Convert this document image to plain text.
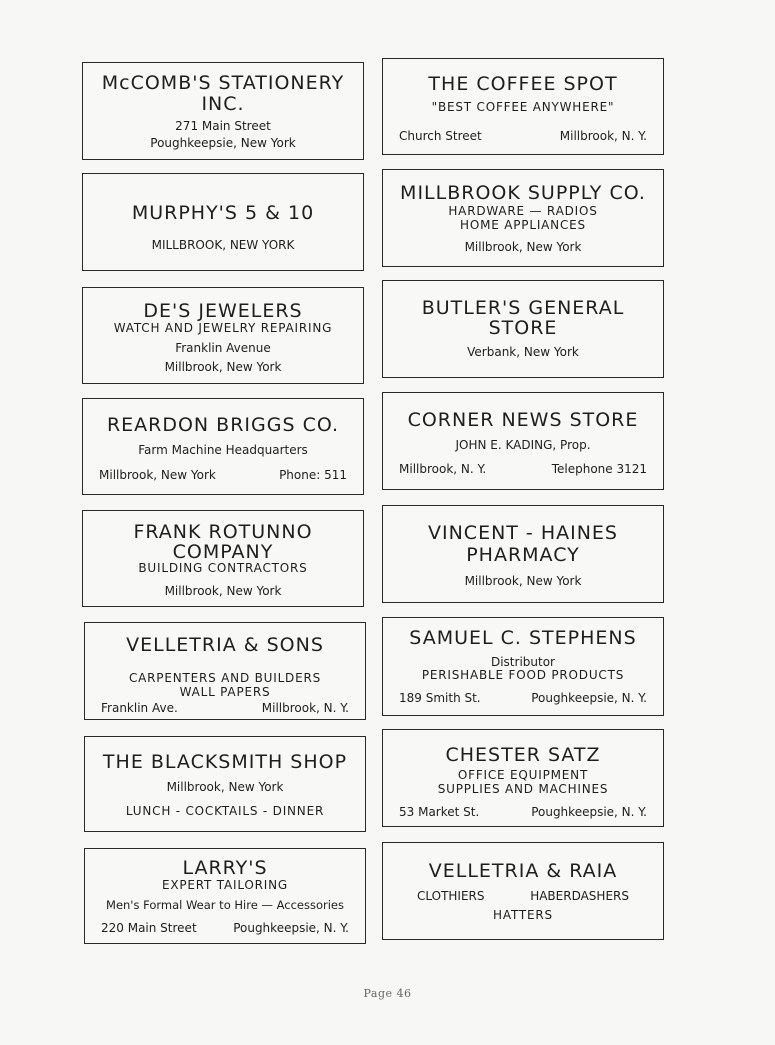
McCOMB'S STATIONERY
INC.
271 Main Street
Poughkeepsie, New York
THE COFFEE SPOT
"BEST COFFEE ANYWHERE"
Church Street	Millbrook, N. Y.
MURPHY'S 5 & 10
MILLBROOK, NEW YORK
MILLBROOK SUPPLY CO.
HARDWARE — RADIOS
HOME APPLIANCES
Millbrook, New York
DE'S JEWELERS
WATCH AND JEWELRY REPAIRING
Franklin Avenue
Millbrook, New York
BUTLER'S GENERAL
STORE
Verbank, New York
REARDON BRIGGS CO.
Farm Machine Headquarters
Millbrook, New York	Phone: 511
CORNER NEWS STORE
JOHN E. KADING, Prop.
Millbrook, N. Y.	Telephone 3121
FRANK ROTUNNO
COMPANY
BUILDING CONTRACTORS
Millbrook, New York
VINCENT - HAINES
PHARMACY
Millbrook, New York
VELLETRIA & SONS
CARPENTERS AND BUILDERS
WALL PAPERS
Franklin Ave.	Millbrook, N. Y.
SAMUEL C. STEPHENS
Distributor
PERISHABLE FOOD PRODUCTS
189 Smith St.	Poughkeepsie, N. Y.
THE BLACKSMITH SHOP
Millbrook, New York
LUNCH - COCKTAILS - DINNER
CHESTER SATZ
OFFICE EQUIPMENT
SUPPLIES AND MACHINES
53 Market St.	Poughkeepsie, N. Y.
LARRY'S
EXPERT TAILORING
Men's Formal Wear to Hire — Accessories
220 Main Street	Poughkeepsie, N. Y.
VELLETRIA & RAIA
CLOTHIERS	HABERDASHERS
HATTERS
Page 46
